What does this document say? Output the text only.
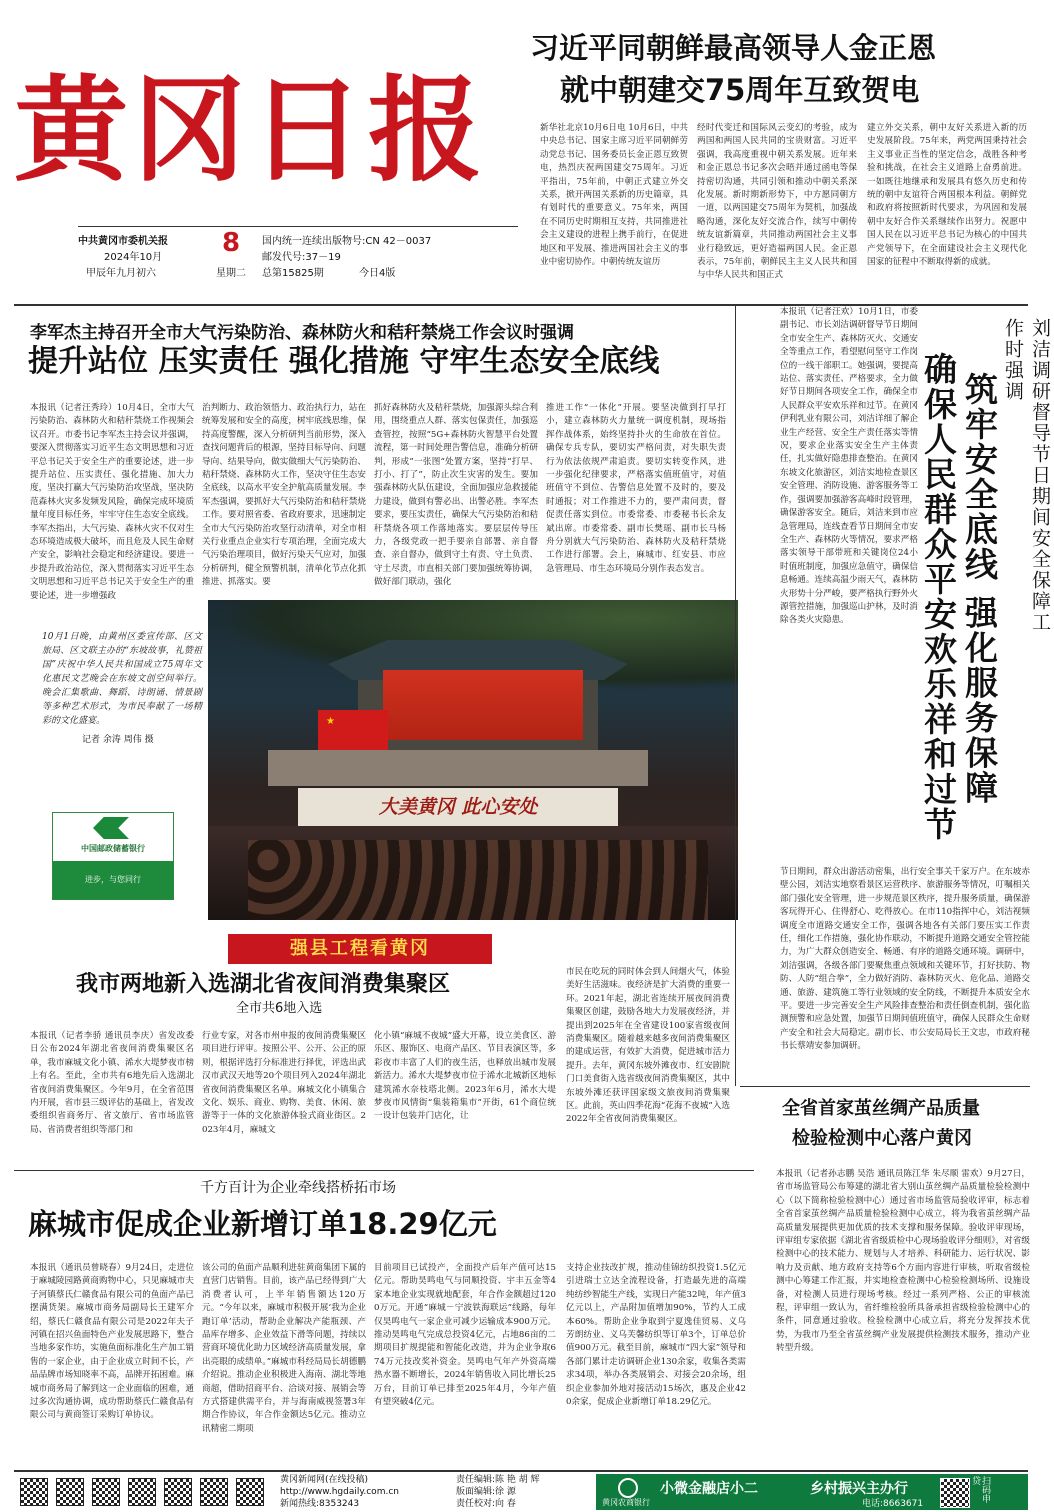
黄冈日报
中共黄冈市委机关报
2024年10月
甲辰年九月初六
8
星期二
国内统一连续出版物号:CN 42－0037
邮发代号:37－19
总第15825期	今日4版
习近平同朝鲜最高领导人金正恩
就中朝建交75周年互致贺电
新华社北京10月6日电 10月6日，中共中央总书记、国家主席习近平同朝鲜劳动党总书记、国务委员长金正恩互致贺电，热烈庆祝两国建交75周年。习近平指出，75年前，中朝正式建立外交关系，掀开两国关系新的历史篇章，具有划时代的重要意义。75年来，两国在不同历史时期相互支持，共同推进社会主义建设的进程上携手前行，在促进地区和平发展、推进两国社会主义的事业中密切协作。中朝传统友谊历
经时代变迁和国际风云变幻的考验，成为两国和两国人民共同的宝贵财富。习近平强调，我高度重视中朝关系发展。近年来和金正恩总书记多次会晤并通过函电等保持密切沟通，共同引领和推动中朝关系深化发展。新时期新形势下，中方愿同朝方一道，以两国建交75周年为契机，加强战略沟通，深化友好交流合作，续写中朝传统友谊新篇章，共同推动两国社会主义事业行稳致远，更好造福两国人民。金正恩表示，75年前，朝鲜民主主义人民共和国与中华人民共和国正式
建立外交关系，朝中友好关系进入新的历史发展阶段。75年来，两党两国秉持社会主义事业正当性的坚定信念，战胜各种考验和挑战，在社会主义道路上奋勇前进。一如既往地继承和发展具有悠久历史和传统的朝中友谊符合两国根本利益。朝鲜党和政府将按照新时代要求，为巩固和发展朝中友好合作关系继续作出努力。祝愿中国人民在以习近平总书记为核心的中国共产党领导下，在全面建设社会主义现代化国家的征程中不断取得新的成就。
李军杰主持召开全市大气污染防治、森林防火和秸秆禁烧工作会议时强调
提升站位 压实责任 强化措施 守牢生态安全底线
本报讯（记者汪秀玲）10月4日，全市大气污染防治、森林防火和秸秆禁烧工作视频会议召开。市委书记李军杰主持会议并强调，要深入贯彻落实习近平生态文明思想和习近平总书记关于安全生产的重要论述，进一步提升站位、压实责任、强化措施、加大力度，坚决打赢大气污染防治攻坚战，坚决防范森林火灾多发频发风险，确保完成环境质量年度目标任务，牢牢守住生态安全底线。李军杰指出，大气污染、森林火灾不仅对生态环境造成极大破坏，而且危及人民生命财产安全，影响社会稳定和经济建设。要进一步提升政治站位，深入贯彻落实习近平生态文明思想和习近平总书记关于安全生产的重要论述，进一步增强政
治判断力、政治领悟力、政治执行力，站在统筹发展和安全的高度，树牢底线思维，保持高度警醒，深入分析研判当前形势，深入查找问题背后的根源，坚持目标导向、问题导向、结果导向，做实做细大气污染防治、秸秆禁烧、森林防火工作，坚决守住生态安全底线，以高水平安全护航高质量发展。李军杰强调，要抓好大气污染防治和秸秆禁烧工作。要对照省委、省政府要求，迅速制定全市大气污染防治攻坚行动清单，对全市相关行业重点企业实行专项治理，全面完成大气污染治理项目，做好污染天气应对，加强分析研判，健全预警机制，清单化节点化抓推进、抓落实。要
抓好森林防火及秸秆禁烧，加强源头综合利用，围绕重点人群、落实包保责任，加强巡查管控，按照“5G+森林防火智慧平台处置流程，第一时间处理告警信息，准确分析研判，形成”一张图“处置方案，坚持“打早、打小、打了”，防止次生灾害的发生。要加强森林防火队伍建设，全面加强应急救援能力建设，做到有警必出、出警必胜。李军杰要求，要压实责任，确保大气污染防治和秸秆禁烧各项工作落地落实。要层层传导压力，各级党政一把手要亲自部署、亲自督查、亲自督办，做到守土有责、守土负责、守土尽责，市直相关部门要加强统筹协调，做好部门联动，强化
推进工作“一体化”开展。要坚决做到打早打小，建立森林防火力量统一调度机制，现场指挥作战体系，始终坚持扑火的生命放在首位。确保专兵专队，要切实严格问责，对失职失责行为依法依规严肃追责。要切实转变作风，进一步强化纪律要求，严格落实值班值守，对值班值守不到位、告警信息处置不及时的，要及时通报；对工作推进不力的，要严肃问责，督促责任落实到位。市委常委、市委秘书长余友斌出席。市委常委、副市长樊瑶、副市长马杨舟分别就大气污染防治、森林防火及秸秆禁烧工作进行部署。会上，麻城市、红安县、市应急管理局、市生态环境局分别作表态发言。
★
大美黄冈 此心安处
10月1日晚，由黄州区委宣传部、区文旅局、区文联主办的“东坡故事，礼赞祖国”庆祝中华人民共和国成立75周年文化惠民文艺晚会在东坡文创空间举行。晚会汇集歌曲、舞蹈、诗朗诵、情景剧等多种艺术形式，为市民奉献了一场精彩的文化盛宴。
记者 余涛 周伟 摄
中国邮政储蓄银行
进步，与您同行
本报讯（记者汪欢）10月1日，市委副书记、市长刘洁调研督导节日期间全市安全生产、森林防灭火、交通安全等重点工作，看望慰问坚守工作岗位的一线干部职工。她强调，要提高站位、落实责任、严格要求，全力做好节日期间各项安全工作，确保全市人民群众平安欢乐祥和过节。在黄冈伊利乳业有限公司，刘洁详细了解企业生产经营、安全生产责任落实等情况，要求企业落实安全生产主体责任，扎实做好隐患排查整治。在黄冈东坡文化旅游区，刘洁实地检查景区安全管理、消防设施、游客服务等工作，强调要加强游客高峰时段管理，确保游客安全。随后，刘洁来到市应急管理局，连线查看节日期间全市安全生产、森林防火等情况，要求严格落实领导干部带班和关键岗位24小时值班制度，加强应急值守，确保信息畅通。连续高温少雨天气，森林防火形势十分严峻，要严格执行野外火源管控措施，加强巡山护林，及时消除各类火灾隐患。	刘洁调研督导节日期间安全保障工作时强调
筑牢安全底线 强化服务保障
确保人民群众平安欢乐祥和过节
节日期间，群众出游活动密集，出行安全事关千家万户。在东坡赤壁公园，刘洁实地察看景区运营秩序、旅游服务等情况，叮嘱相关部门强化安全管理，进一步规范景区秩序，提升服务质量，确保游客玩得开心、住得舒心、吃得放心。在市110指挥中心，刘洁视频调度全市道路交通安全工作，强调各地各有关部门要压实工作责任，细化工作措施，强化协作联动，不断提升道路交通安全管控能力，为广大群众创造安全、畅通、有序的道路交通环境。调研中，刘洁强调，各级各部门要聚焦重点领域和关键环节，打好扶防、物防、人防“组合拳”，全力做好消防、森林防灭火、危化品、道路交通、旅游、建筑施工等行业领域的安全防线，不断提升本质安全水平。要进一步完善安全生产风险排查整治和责任倒查机制，强化监测预警和应急处置，加强节日期间值班值守，确保人民群众生命财产安全和社会大局稳定。副市长、市公安局局长王文忠，市政府秘书长蔡靖安参加调研。
强县工程看黄冈
我市两地新入选湖北省夜间消费集聚区
全市共6地入选
本报讯（记者李骄 通讯员李庆）省发改委日公布2024年湖北省夜间消费集聚区名单，我市麻城文化小镇、浠水大堤梦夜市榜上有名。至此，全市共有6地先后入选湖北省夜间消费集聚区。今年9月，在全省范围内开展，省市县三级评估的基础上，省发改委组织省商务厅、省文旅厅、省市场监管局、省消费者组织等部门和
行业专家，对各市州申报的夜间消费集聚区项目进行评审。按照公平、公开、公正的原则，根据评选打分标准进行择优，评选出武汉市武汉天地等20个项目列入2024年湖北省夜间消费集聚区名单。麻城文化小镇集合文化、娱乐、商业、购物、美食、休闲、旅游等于一体的文化旅游体验式商业街区。2023年4月，麻城文
化小镇“麻城不夜城”盛大开幕，设立美食区、游乐区、服饰区、电商产品区、节目表演区等，多彩夜市丰富了人们的夜生活，也释放出城市发展新活力。浠水大堤梦夜市位于浠水北城新区地标建筑浠水奈枝塔北侧。2023年6月，浠水大堤梦夜市风情街“集装箱集市”开街，61个商位统一设计包装并门店化，让
市民在吃玩的同时体会到人间烟火气，体验美好生活滋味。夜经济是扩大消费的重要一环。2021年起，湖北省连续开展夜间消费集聚区创建，鼓励各地大力发展夜经济，并提出到2025年在全省建设100家省级夜间消费集聚区。随着越来越多夜间消费集聚区的建成运营，有效扩大消费，促进城市活力提升。去年，黄冈东坡外滩夜市、红安剧院门口美食街入选省级夜间消费集聚区，其中东坡外滩还获评国家级文旅夜间消费集聚区。此前，英山四季花海“花海不夜城”入选2022年全省夜间消费集聚区。
全省首家茧丝绸产品质量
检验检测中心落户黄冈
本报讯（记者孙志鹏 吴浩 通讯员陈江华 朱尽顺 雷欢）9月27日，省市场监管局公布筹建的湖北省大别山茧丝绸产品质量检验检测中心（以下简称检验检测中心）通过省市场监管局验收评审，标志着全省首家茧丝绸产品质量检验检测中心成立，将为我省茧丝绸产品高质量发展提供更加优质的技术支撑和服务保障。验收评审现场，评审组专家依据《湖北省省级质检中心现场验收评分细则》，对省级检测中心的技术能力、规划与人才培养、科研能力、运行状况、影响力及贡献、地方政府支持等6个方面内容进行审核，听取省级检测中心筹建工作汇报，并实地检查检测中心检验检测场所、设施设备，对检测人员进行现场考核。经过一系列严格、公正的审核流程，评审组一致认为，省纤维检验所具备承担省级检验检测中心的条件，同意通过验收。检验检测中心成立后，将充分发挥技术优势，为我市乃至全省茧丝绸产业发展提供检测技术服务，推动产业转型升级。
千方百计为企业牵线搭桥拓市场
麻城市促成企业新增订单18.29亿元
本报讯（通讯员曾晓春）9月24日，走进位于麻城陵园路黄商购物中心，只见麻城市夫子河镇蔡氏仁赣食品有限公司的鱼面产品已摆满货架。麻城市商务局副局长王建军介绍，蔡氏仁赣食品有限公司是2022年夫子河镇在招兴鱼面特色产业发展思路下，整合当地多家作坊，实施鱼面标准化生产加工销售的一家企业，由于企业成立时间不长，产品品牌市场知晓率不高，品牌开拓困难。麻城市商务局了解到这一企业面临的困难，通过多次沟通协调，成功帮助蔡氏仁赣食品有限公司与黄商签订采购订单协议。
该公司的鱼面产品顺利进驻黄商集团下属的直营门店销售。目前，该产品已经得到广大消费者认可，上半年销售额达120万元。“今年以来，麻城市积极开展‘我为企业跑订单’活动，帮助企业解决产能瓶颈、产品库存增多、企业效益下滑等问题，持续以营商环境优化助力区域经济高质量发展，拿出亮眼的成绩单。”麻城市科经局局长胡德鹏介绍说。推动企业积极进入海南、湖北等地商超，借助招商平台、洽谈对接、展销会等方式搭建供需平台，并与海南威视签署3年期合作协议，年合作金额达5亿元。推动立讯精密二期项
目前项目已试投产，全面投产后年产值可达15亿元。帮助昊鸣电气与同顺投资、宇丰五金等4家本地企业实现就地配套，年合作金额超过1200万元。开通“麻城－宁波铁海联运”线路，每年仅昊鸣电气一家企业可减少运输成本900万元。推动昊鸣电气完成总投资4亿元，占地86亩的二期项目扩规提能和智能化改造，并为企业争取674万元技改奖补资金。昊鸣电气年产外资高端热水器不断增长，2024年销售收入同比增长25万台，目前订单已排至2025年4月，今年产值有望突破4亿元。
支持企业技改扩规，推动佳锦纺织投资1.5亿元引进瑞士立达全流程设备，打造最先进的高端纯纺纱智能生产线，实现日产能32吨，年产值3亿元以上，产品附加值增加90%，节约人工成本60%。帮助企业争取到宁夏逸佳贸易、义乌芳朗纺业、义乌芙馨纺织等订单3个，订单总价值900万元。截至目前，麻城市“四大家”领导和各部门累计走访调研企业130余家，收集各类需求34项，举办各类展销会、对接会20余场，组织企业参加外地对接活动15场次，惠及企业420余家，促成企业新增订单18.29亿元。
黄冈新闻网(在线投稿)
http://www.hgdaily.com.cn
新闻热线:8353243
责任编辑:陈 艳 胡 辉
版面编辑:徐 源
责任校对:向 春	黄冈农商银行
小微金融店小二	乡村振兴主办行
电话:8663671
扫码申贷
